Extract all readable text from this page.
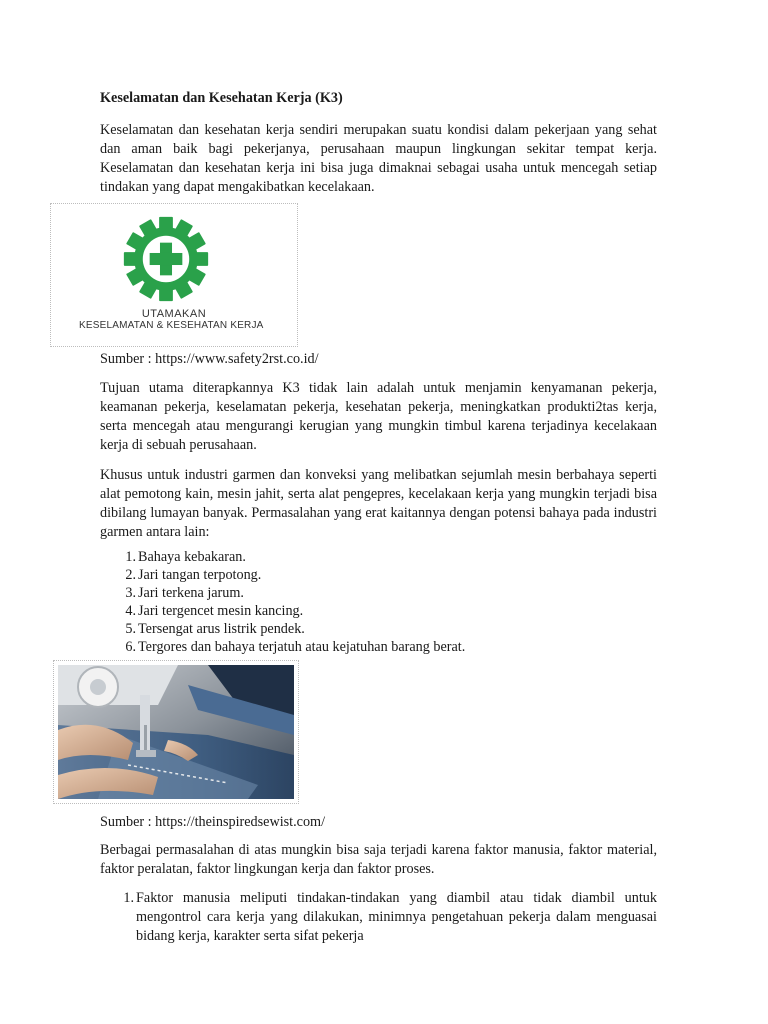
Keselamatan dan Kesehatan Kerja (K3)

Keselamatan dan kesehatan kerja sendiri merupakan suatu kondisi dalam pekerjaan yang sehat dan aman baik bagi pekerjanya, perusahaan maupun lingkungan sekitar tempat kerja. Keselamatan dan kesehatan kerja ini bisa juga dimaknai sebagai usaha untuk mencegah setiap tindakan yang dapat mengakibatkan kecelakaan.

Sumber : https://www.safety2rst.co.id/

Tujuan utama diterapkannya K3 tidak lain adalah untuk menjamin kenyamanan pekerja, keamanan pekerja, keselamatan pekerja, kesehatan pekerja, meningkatkan produkti2tas kerja, serta mencegah atau mengurangi kerugian yang mungkin timbul karena terjadinya kecelakaan kerja di sebuah perusahaan.

Khusus untuk industri garmen dan konveksi yang melibatkan sejumlah mesin berbahaya seperti alat pemotong kain, mesin jahit, serta alat pengepres, kecelakaan kerja yang mungkin terjadi bisa dibilang lumayan banyak. Permasalahan yang erat kaitannya dengan potensi bahaya pada industri garmen antara lain:

1. Bahaya kebakaran.
2. Jari tangan terpotong.
3. Jari terkena jarum.
4. Jari tergencet mesin kancing.
5. Tersengat arus listrik pendek.
6. Tergores dan bahaya terjatuh atau kejatuhan barang berat.

Sumber : https://theinspiredsewist.com/

Berbagai permasalahan di atas mungkin bisa saja terjadi karena faktor manusia, faktor material, faktor peralatan, faktor lingkungan kerja dan faktor proses.

1. Faktor manusia meliputi tindakan-tindakan yang diambil atau tidak diambil untuk mengontrol cara kerja yang dilakukan, minimnya pengetahuan pekerja dalam menguasai bidang kerja, karakter serta sifat pekerja
UTAMAKAN
KESELAMATAN & KESEHATAN KERJA
